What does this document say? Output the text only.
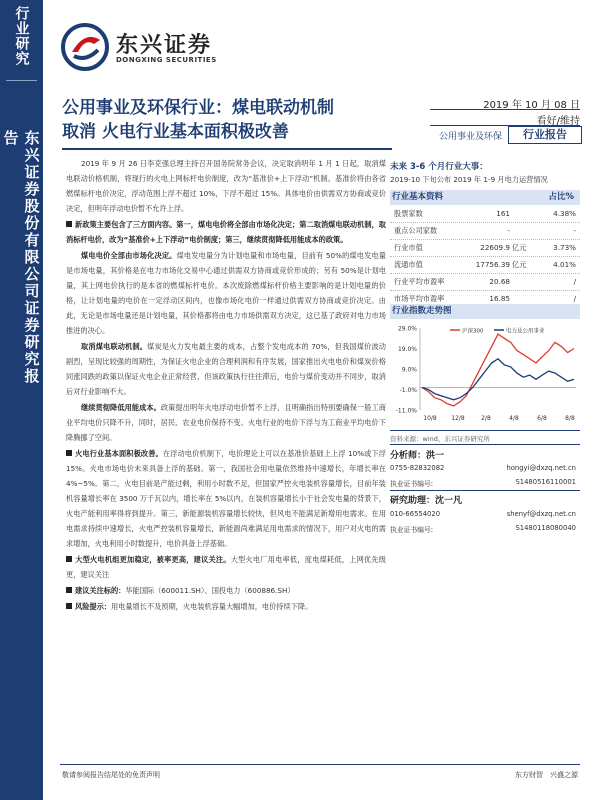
行业研究
东兴证券股份有限公司证券研究报告
东兴证券
DONGXING SECURITIES
公用事业及环保行业：煤电联动机制
取消 火电行业基本面积极改善
2019 年 10 月 08 日
看好/维持
公用事业及环保	行业报告

2019 年 9 月 26 日李克强总理主持召开国务院常务会议，决定取消明年 1 月 1 日起，取消煤电联动价格机制，将现行的火电上网标杆电价制度，改为“基准价+上下浮动”机制。基准价将由各省燃煤标杆电价决定，浮动范围上浮不超过 10%，下浮不超过 15%。具体电价由供需双方协商或竞价决定，但明年浮动电价暂不允许上浮。

新政策主要包含了三方面内容。第一，煤电电价将全部由市场化决定；第二取消煤电联动机制，取消标杆电价，改为“基准价+上下浮动”电价制度；第三，继续贯彻降低用能成本的政策。

煤电电价全部由市场化决定。煤电发电量分为计划电量和市场电量，目前有 50%的煤电发电量是市场电量，其价格是在电力市场化交易中心通过供需双方协商或竞价形成的；另有 50%是计划电量，其上网电价执行的是本省的燃煤标杆电价。本次废除燃煤标杆价格主要影响的是计划电量的价格，让计划电量的电价在一定浮动区间内，也像市场化电价一样通过供需双方协商或竞价决定。由此，无论是市场电量还是计划电量，其价格都将由电力市场供需双方决定，这已基了政府对电力市场推进的决心。

取消煤电联动机制。煤炭是火力发电最主要的成本，占整个发电成本的 70%，但我国煤价波动剧烈，呈现比较强的周期性，为保证火电企业的合理利润和有序发展，国家推出火电电价和煤炭价格同涨同跌的政策以保证火电企业正常经营，但该政策执行往往滞后，电价与煤价变动并不同步，取消后对行业影响不大。

继续贯彻降低用能成本。政策提出明年火电浮动电价暂不上浮，且明确指出特别要确保一般工商业平均电价只降不升，同时，居民、农业电价保持不变。火电行业的电价下浮与为工商业平均电价下降腾挪了空间。

火电行业基本面积极改善。在浮动电价机制下，电价理论上可以在基准价基础上上浮 10%或下浮 15%。火电市场电价未来具备上浮的基础。第一，我国社会用电量依然维持中速增长，年增长率在 4%~5%。第二，火电目前是产能过剩，利用小时数不足，但国家严控火电装机容量增长，目前年装机容量增长率在 3500 万千瓦以内，增长率在 5%以内，在装机容量增长小于社会发电量的背景下，火电产能利用率得将到提升。第三，新能源装机容量增长较快，但风电不能满足新增用电需求。在用电需求持续中速增长，火电严控装机容量增长，新能源尚难满足用电需求的情况下，用户对火电的需求增加，火电利用小时数提升，电价具备上浮基础。

大型火电机组更加稳定，被率更高，建议关注。大型火电厂用电率低，度电煤耗低，上网优先级更，建议关注

建议关注标的：华能国际（600011.SH）、国投电力（600886.SH）

风险提示：用电量增长不及预期，火电装机容量大幅增加，电价持续下降。

未来 3-6 个月行业大事：
2019-10 下旬公布 2019 年 1-9 月电力运营情况
行业基本资料	占比%
股票家数	161	4.38%
重点公司家数	-	-
行业市值	22609.9 亿元	3.73%
流通市值	17756.39 亿元	4.01%
行业平均市盈率	20.68	/
市场平均市盈率	16.85	/
行业指数走势图
29.0%
19.0%
9.0%
-1.0%
-11.0%
10/8 12/8	2/8	4/8	6/8	8/8
沪深300	电力及公用事业
资料来源：wind、东兴证券研究所
分析师：洪一
0755-82832082	hongyi@dxzq.net.cn
执业证书编号:	S1480516110001
研究助理：沈一凡
010-66554020	shenyf@dxzq.net.cn
执业证书编号:	S1480118080040
敬请参阅报告结尾处的免责声明	东方财智　兴盛之源
